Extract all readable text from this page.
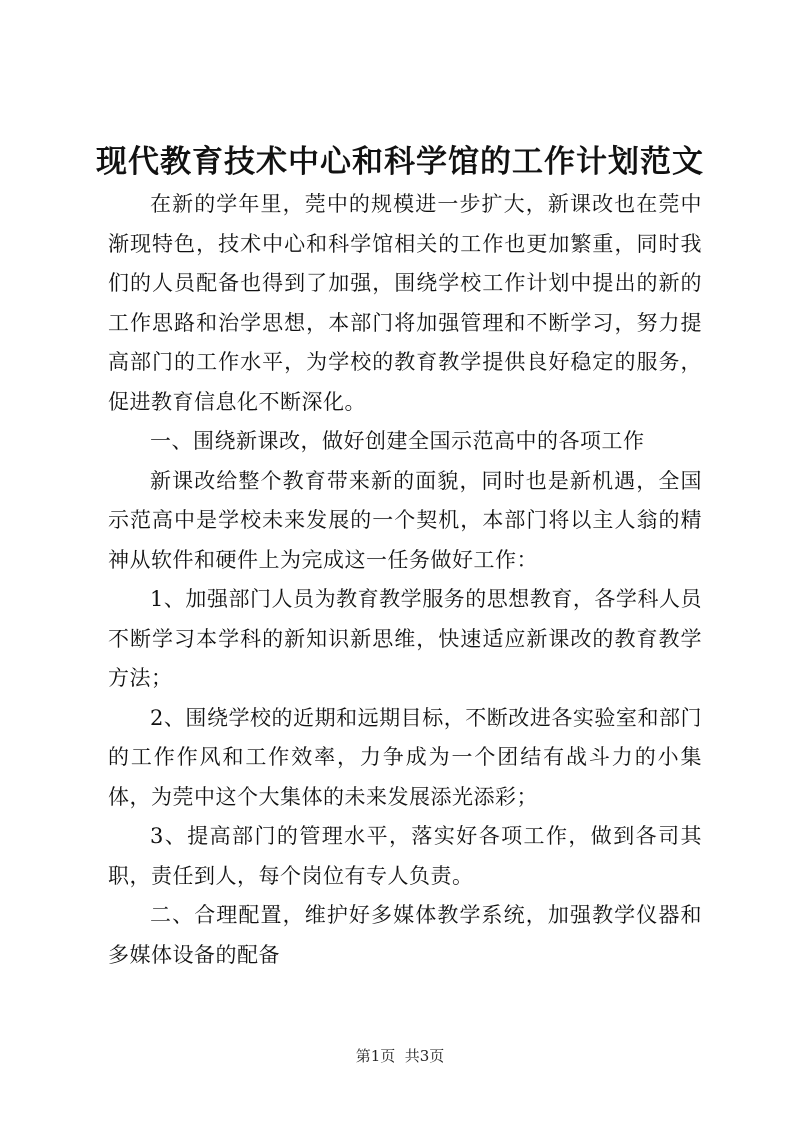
现代教育技术中心和科学馆的工作计划范文

在新的学年里，莞中的规模进一步扩大，新课改也在莞中渐现特色，技术中心和科学馆相关的工作也更加繁重，同时我们的人员配备也得到了加强，围绕学校工作计划中提出的新的工作思路和治学思想，本部门将加强管理和不断学习，努力提高部门的工作水平，为学校的教育教学提供良好稳定的服务，促进教育信息化不断深化。

一、围绕新课改，做好创建全国示范高中的各项工作

新课改给整个教育带来新的面貌，同时也是新机遇，全国示范高中是学校未来发展的一个契机，本部门将以主人翁的精神从软件和硬件上为完成这一任务做好工作：

1、加强部门人员为教育教学服务的思想教育，各学科人员不断学习本学科的新知识新思维，快速适应新课改的教育教学方法；

2、围绕学校的近期和远期目标，不断改进各实验室和部门的工作作风和工作效率，力争成为一个团结有战斗力的小集体，为莞中这个大集体的未来发展添光添彩；

3、提高部门的管理水平，落实好各项工作，做到各司其职，责任到人，每个岗位有专人负责。

二、合理配置，维护好多媒体教学系统，加强教学仪器和多媒体设备的配备

第1页  共3页
